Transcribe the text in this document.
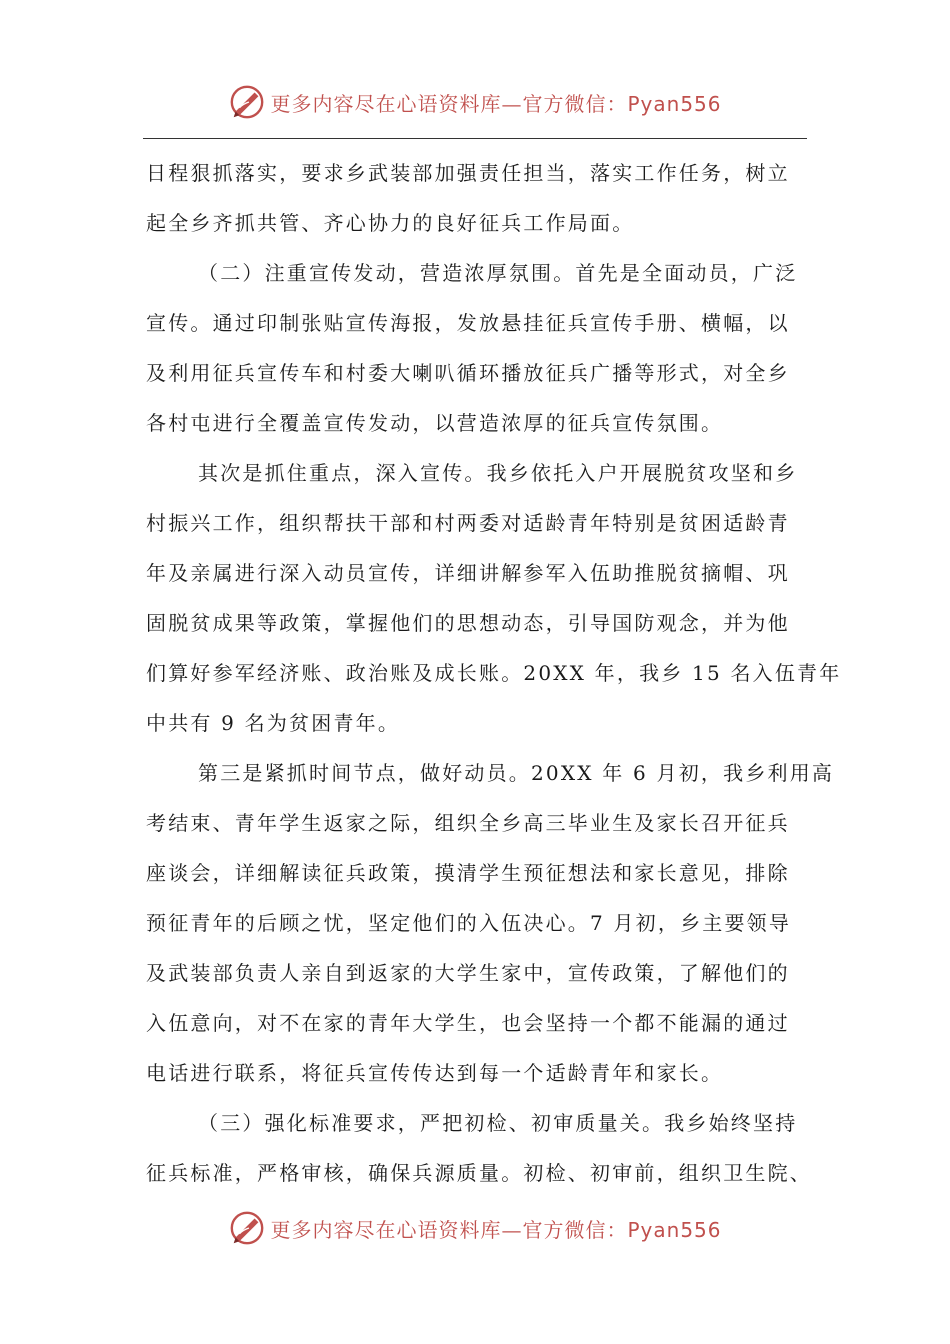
更多内容尽在心语资料库—官方微信：Pyan556
日程狠抓落实，要求乡武装部加强责任担当，落实工作任务，树立
起全乡齐抓共管、齐心协力的良好征兵工作局面。
（二）注重宣传发动，营造浓厚氛围。首先是全面动员，广泛
宣传。通过印制张贴宣传海报，发放悬挂征兵宣传手册、横幅，以
及利用征兵宣传车和村委大喇叭循环播放征兵广播等形式，对全乡
各村屯进行全覆盖宣传发动，以营造浓厚的征兵宣传氛围。
其次是抓住重点，深入宣传。我乡依托入户开展脱贫攻坚和乡
村振兴工作，组织帮扶干部和村两委对适龄青年特别是贫困适龄青
年及亲属进行深入动员宣传，详细讲解参军入伍助推脱贫摘帽、巩
固脱贫成果等政策，掌握他们的思想动态，引导国防观念，并为他
们算好参军经济账、政治账及成长账。20XX 年，我乡 15 名入伍青年
中共有 9 名为贫困青年。
第三是紧抓时间节点，做好动员。20XX 年 6 月初，我乡利用高
考结束、青年学生返家之际，组织全乡高三毕业生及家长召开征兵
座谈会，详细解读征兵政策，摸清学生预征想法和家长意见，排除
预征青年的后顾之忧，坚定他们的入伍决心。7 月初，乡主要领导
及武装部负责人亲自到返家的大学生家中，宣传政策，了解他们的
入伍意向，对不在家的青年大学生，也会坚持一个都不能漏的通过
电话进行联系，将征兵宣传传达到每一个适龄青年和家长。
（三）强化标准要求，严把初检、初审质量关。我乡始终坚持
征兵标准，严格审核，确保兵源质量。初检、初审前，组织卫生院、
更多内容尽在心语资料库—官方微信：Pyan556
